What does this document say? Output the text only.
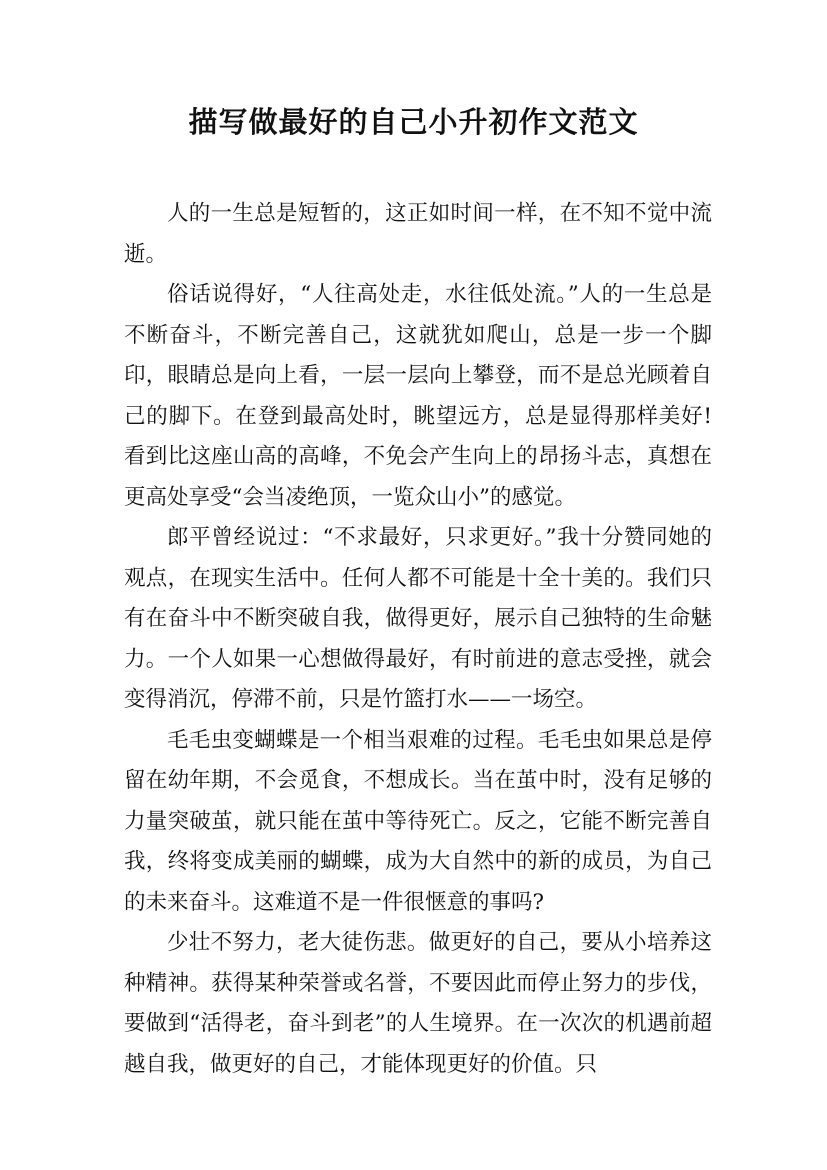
描写做最好的自己小升初作文范文

人的一生总是短暂的，这正如时间一样，在不知不觉中流逝。

俗话说得好，“人往高处走，水往低处流。”人的一生总是不断奋斗，不断完善自己，这就犹如爬山，总是一步一个脚印，眼睛总是向上看，一层一层向上攀登，而不是总光顾着自己的脚下。在登到最高处时，眺望远方，总是显得那样美好!看到比这座山高的高峰，不免会产生向上的昂扬斗志，真想在更高处享受“会当凌绝顶，一览众山小”的感觉。

郎平曾经说过：“不求最好，只求更好。”我十分赞同她的观点，在现实生活中。任何人都不可能是十全十美的。我们只有在奋斗中不断突破自我，做得更好，展示自己独特的生命魅力。一个人如果一心想做得最好，有时前进的意志受挫，就会变得消沉，停滞不前，只是竹篮打水——一场空。

毛毛虫变蝴蝶是一个相当艰难的过程。毛毛虫如果总是停留在幼年期，不会觅食，不想成长。当在茧中时，没有足够的力量突破茧，就只能在茧中等待死亡。反之，它能不断完善自我，终将变成美丽的蝴蝶，成为大自然中的新的成员，为自己的未来奋斗。这难道不是一件很惬意的事吗?

少壮不努力，老大徒伤悲。做更好的自己，要从小培养这种精神。获得某种荣誉或名誉，不要因此而停止努力的步伐，要做到“活得老，奋斗到老”的人生境界。在一次次的机遇前超越自我，做更好的自己，才能体现更好的价值。只
